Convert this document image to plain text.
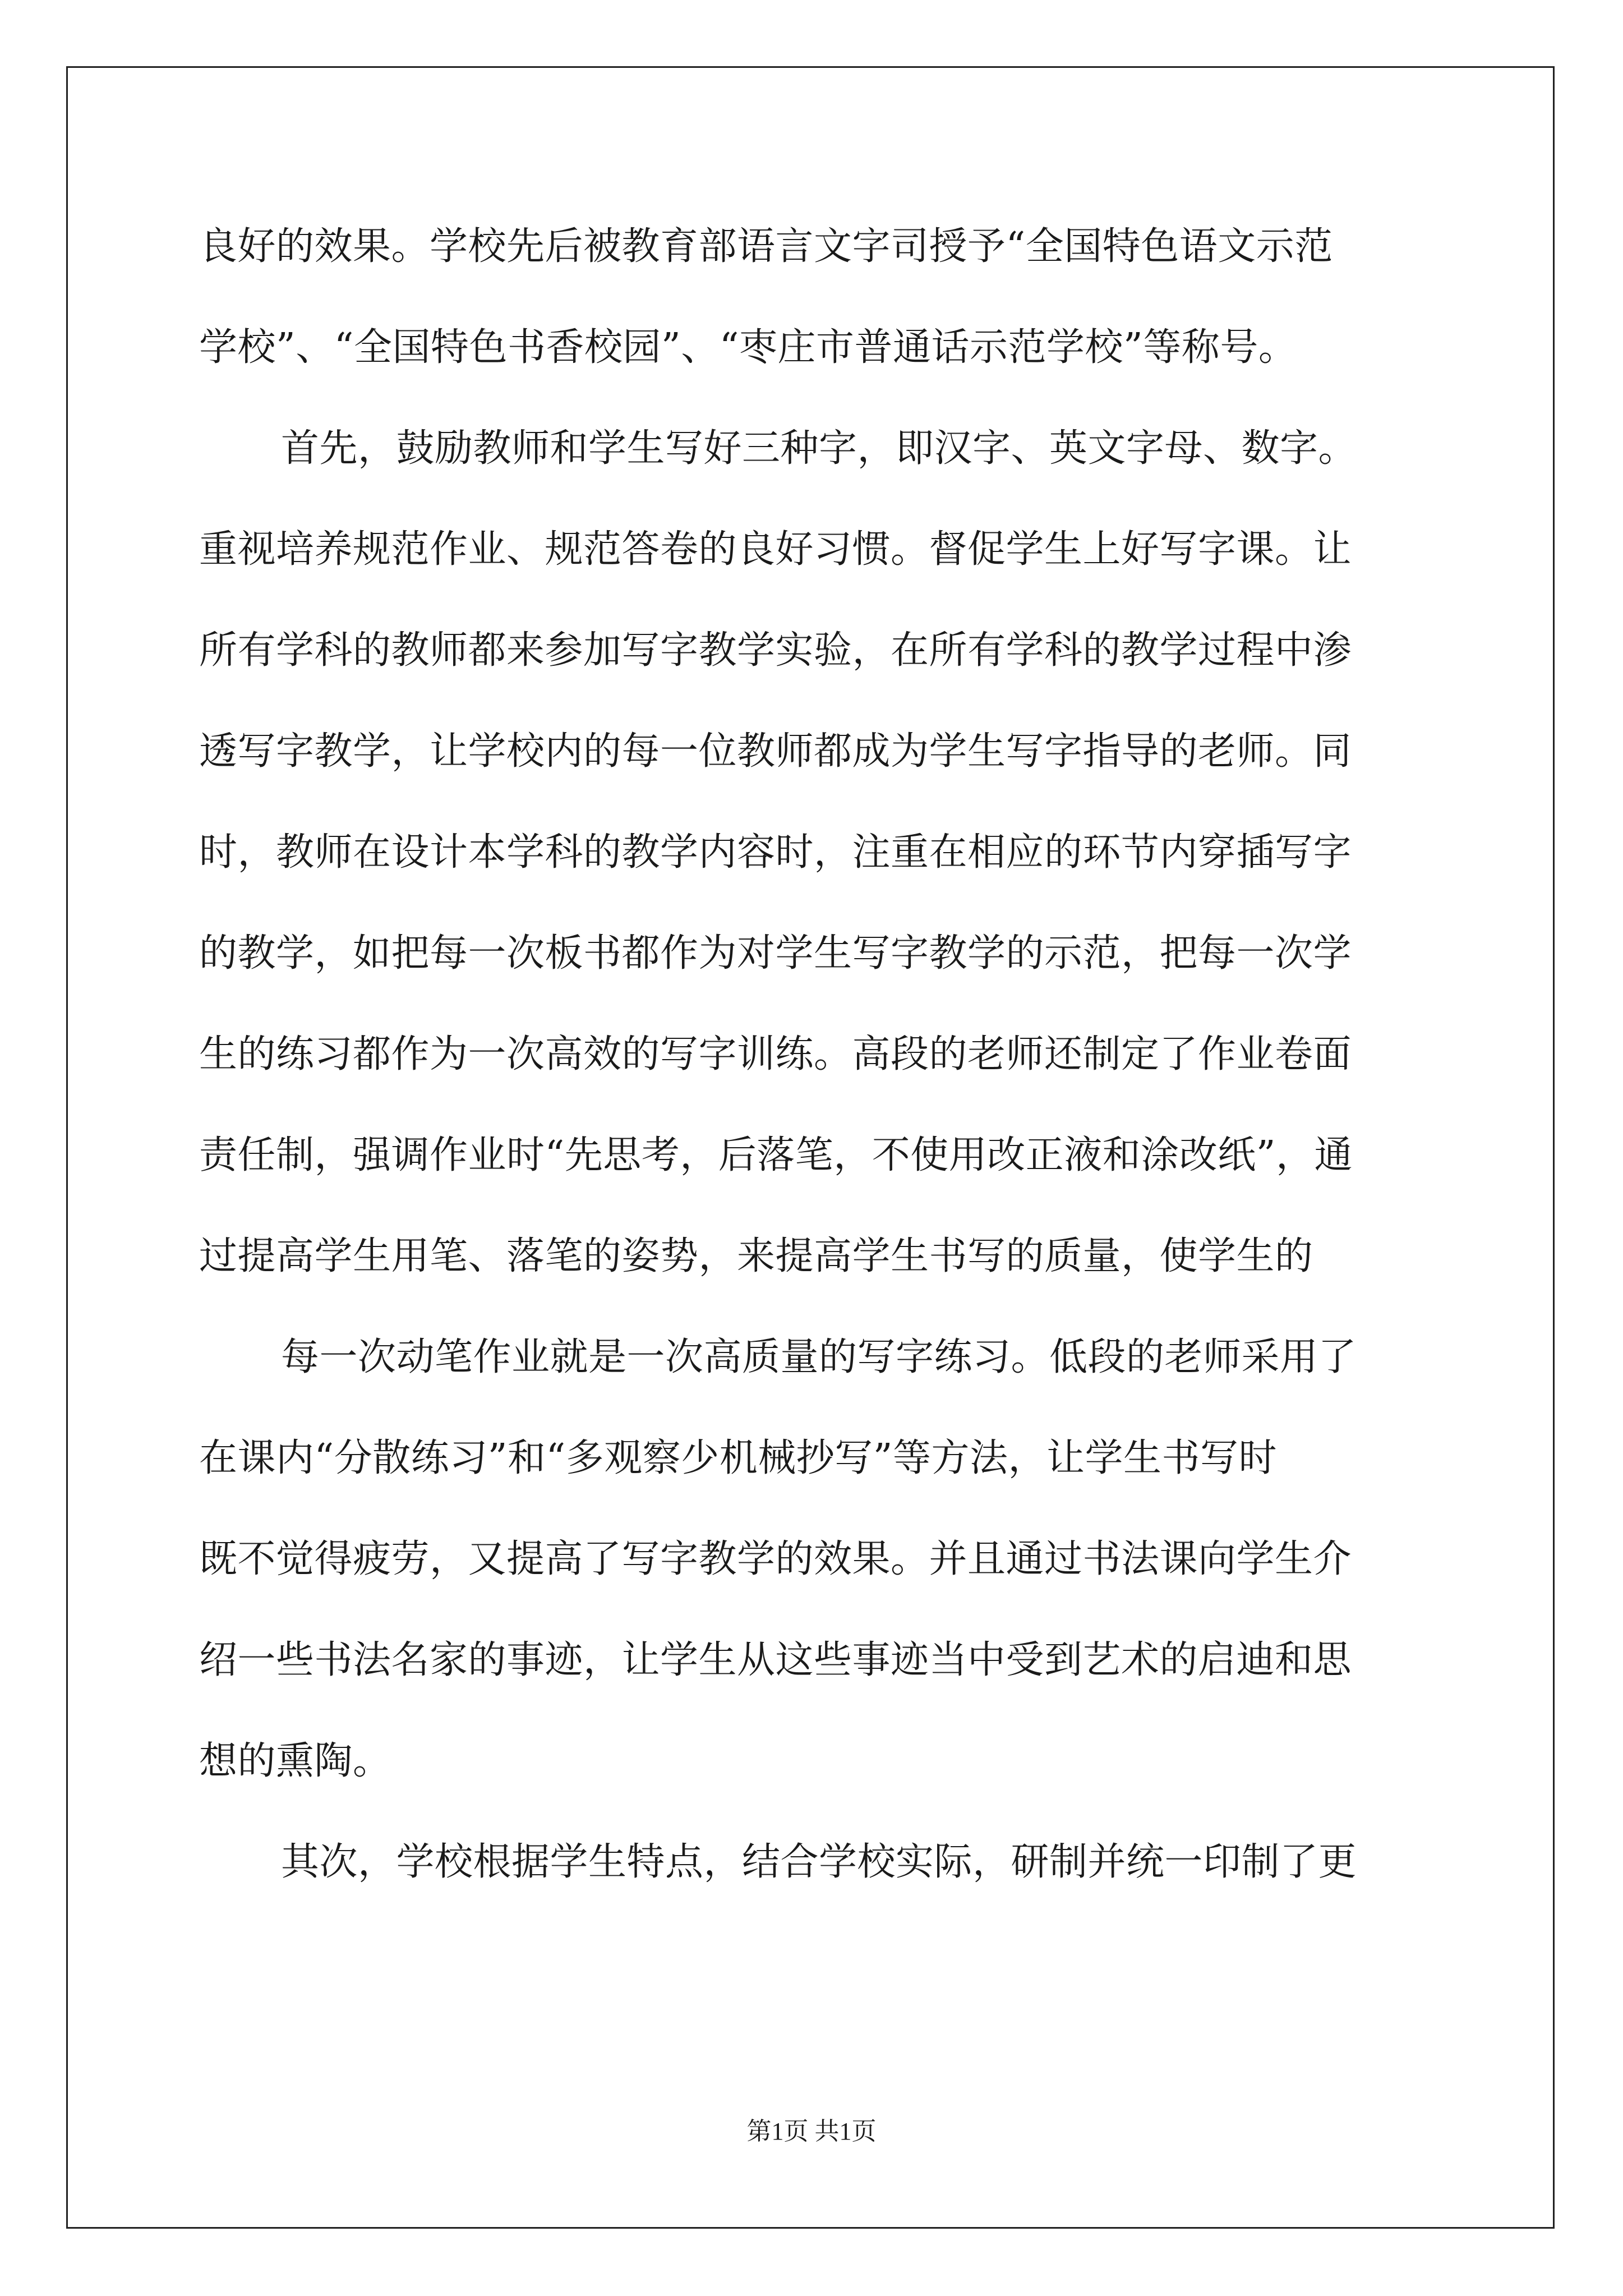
良好的效果。学校先后被教育部语言文字司授予“全国特色语文示范
学校”、“全国特色书香校园”、“枣庄市普通话示范学校”等称号。
首先，鼓励教师和学生写好三种字，即汉字、英文字母、数字。
重视培养规范作业、规范答卷的良好习惯。督促学生上好写字课。让
所有学科的教师都来参加写字教学实验，在所有学科的教学过程中渗
透写字教学，让学校内的每一位教师都成为学生写字指导的老师。同
时，教师在设计本学科的教学内容时，注重在相应的环节内穿插写字
的教学，如把每一次板书都作为对学生写字教学的示范，把每一次学
生的练习都作为一次高效的写字训练。高段的老师还制定了作业卷面
责任制，强调作业时“先思考，后落笔，不使用改正液和涂改纸”，通
过提高学生用笔、落笔的姿势，来提高学生书写的质量，使学生的
每一次动笔作业就是一次高质量的写字练习。低段的老师采用了
在课内“分散练习”和“多观察少机械抄写”等方法，让学生书写时
既不觉得疲劳，又提高了写字教学的效果。并且通过书法课向学生介
绍一些书法名家的事迹，让学生从这些事迹当中受到艺术的启迪和思
想的熏陶。
其次，学校根据学生特点，结合学校实际，研制并统一印制了更
第1页 共1页
